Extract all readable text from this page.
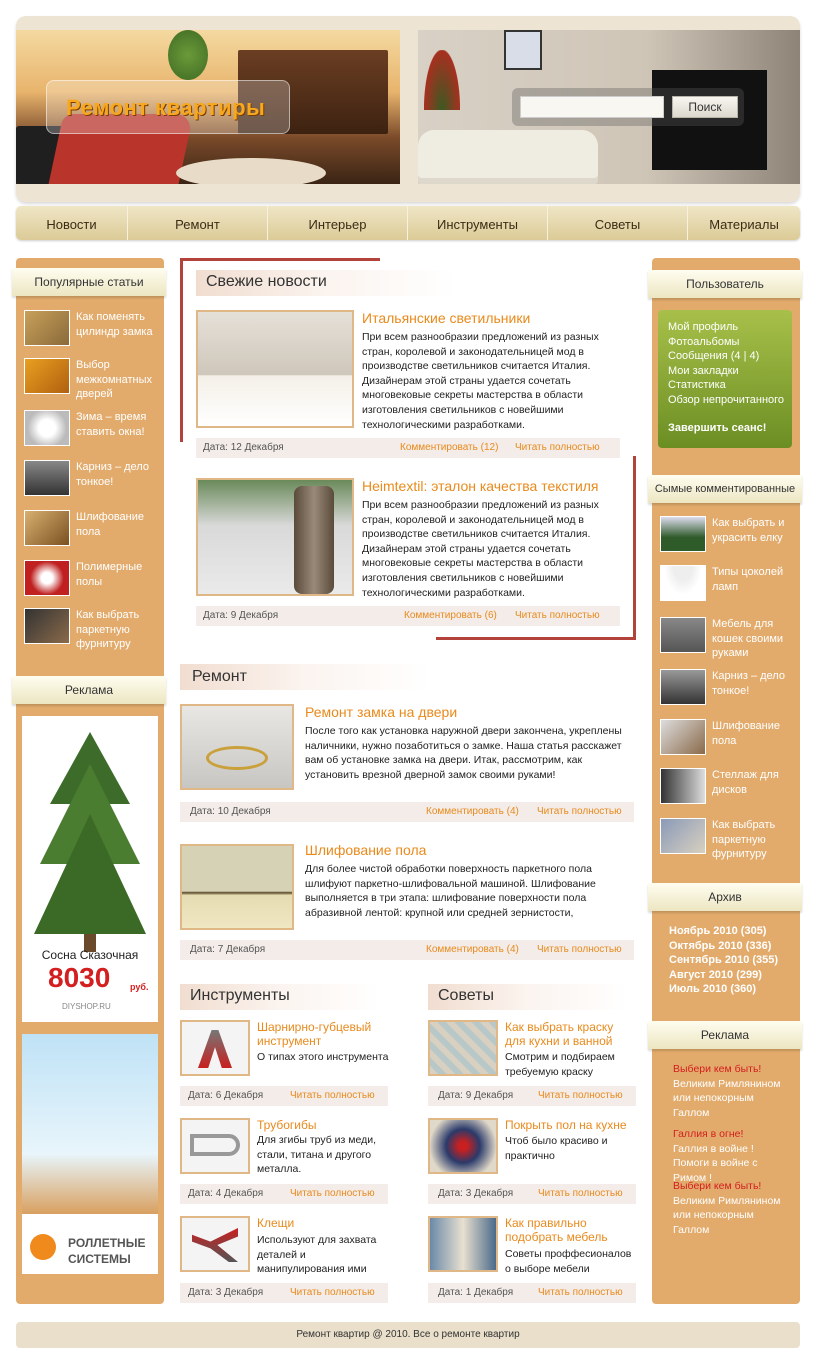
Ремонт квартиры	Поиск
Новости	Ремонт	Интерьер	Инструменты	Советы	Материалы
Популярные статьи
Как поменять цилиндр замка
Выбор межкомнатных дверей
Зима – время ставить окна!
Карниз – дело тонкое!
Шлифование пола
Полимерные полы
Как выбрать паркетную фурнитуру
Реклама
Сосна Сказочная
8030 руб.
DIYSHOP.RU
РОЛЛЕТНЫЕ
СИСТЕМЫ
Свежие новости
Итальянские светильники
При всем разнообразии предложений из разных стран, королевой и законодательницей мод в производстве светильников считается Италия. Дизайнерам этой страны удается сочетать многовековые секреты мастерства в области изготовления светильников с новейшими технологическими разработками.
Дата: 12 Декабря	Комментировать (12) Читать полностью
Heimtextil: эталон качества текстиля
При всем разнообразии предложений из разных стран, королевой и законодательницей мод в производстве светильников считается Италия. Дизайнерам этой страны удается сочетать многовековые секреты мастерства в области изготовления светильников с новейшими технологическими разработками.
Дата: 9 Декабря	Комментировать (6) Читать полностью
Ремонт
Ремонт замка на двери
После того как установка наружной двери закончена, укреплены наличники, нужно позаботиться о замке. Наша статья расскажет вам об установке замка на двери. Итак, рассмотрим, как установить врезной дверной замок своими руками!
Дата: 10 Декабря	Комментировать (4) Читать полностью
Шлифование пола
Для более чистой обработки поверхность паркетного пола шлифуют паркетно-шлифовальной машиной. Шлифование выполняется в три этапа: шлифование поверхности пола абразивной лентой: крупной или средней зернистости,
Дата: 7 Декабря	Комментировать (4) Читать полностью
Инструменты
Шарнирно-губцевый инструмент
О типах этого инструмента
Дата: 6 Декабря	Читать полностью
Трубогибы
Для згибы труб из меди, стали, титана и другого металла.
Дата: 4 Декабря	Читать полностью
Клещи
Используют для захвата деталей и манипулирования ими
Дата: 3 Декабря	Читать полностью
Советы
Как выбрать краску для кухни и ванной
Смотрим и подбираем требуемую краску
Дата: 9 Декабря Читать полностью
Покрыть пол на кухне
Чтоб было красиво и практично
Дата: 3 Декабря Читать полностью
Как правильно подобрать мебель
Советы проффесионалов о выборе мебели
Дата: 1 Декабря Читать полностью
Пользователь
Мой профиль
Фотоальбомы
Сообщения (4 | 4)
Мои закладки
Статистика
Обзор непрочитанного
Завершить сеанс!
Сымые комментированные
Как выбрать и украсить елку
Типы цоколей ламп
Мебель для кошек своими руками
Карниз – дело тонкое!
Шлифование пола
Стеллаж для дисков
Как выбрать паркетную фурнитуру
Архив
Ноябрь 2010 (305)
Октябрь 2010 (336)
Сентябрь 2010 (355)
Август 2010 (299)
Июль 2010 (360)
Реклама
Выбери кем быть!
Великим Римлянином или непокорным Галлом
Галлия в огне!
Галлия в войне ! Помоги в войне с Римом !
Выбери кем быть!
Великим Римлянином или непокорным Галлом
Ремонт квартир @ 2010. Все о ремонте квартир
